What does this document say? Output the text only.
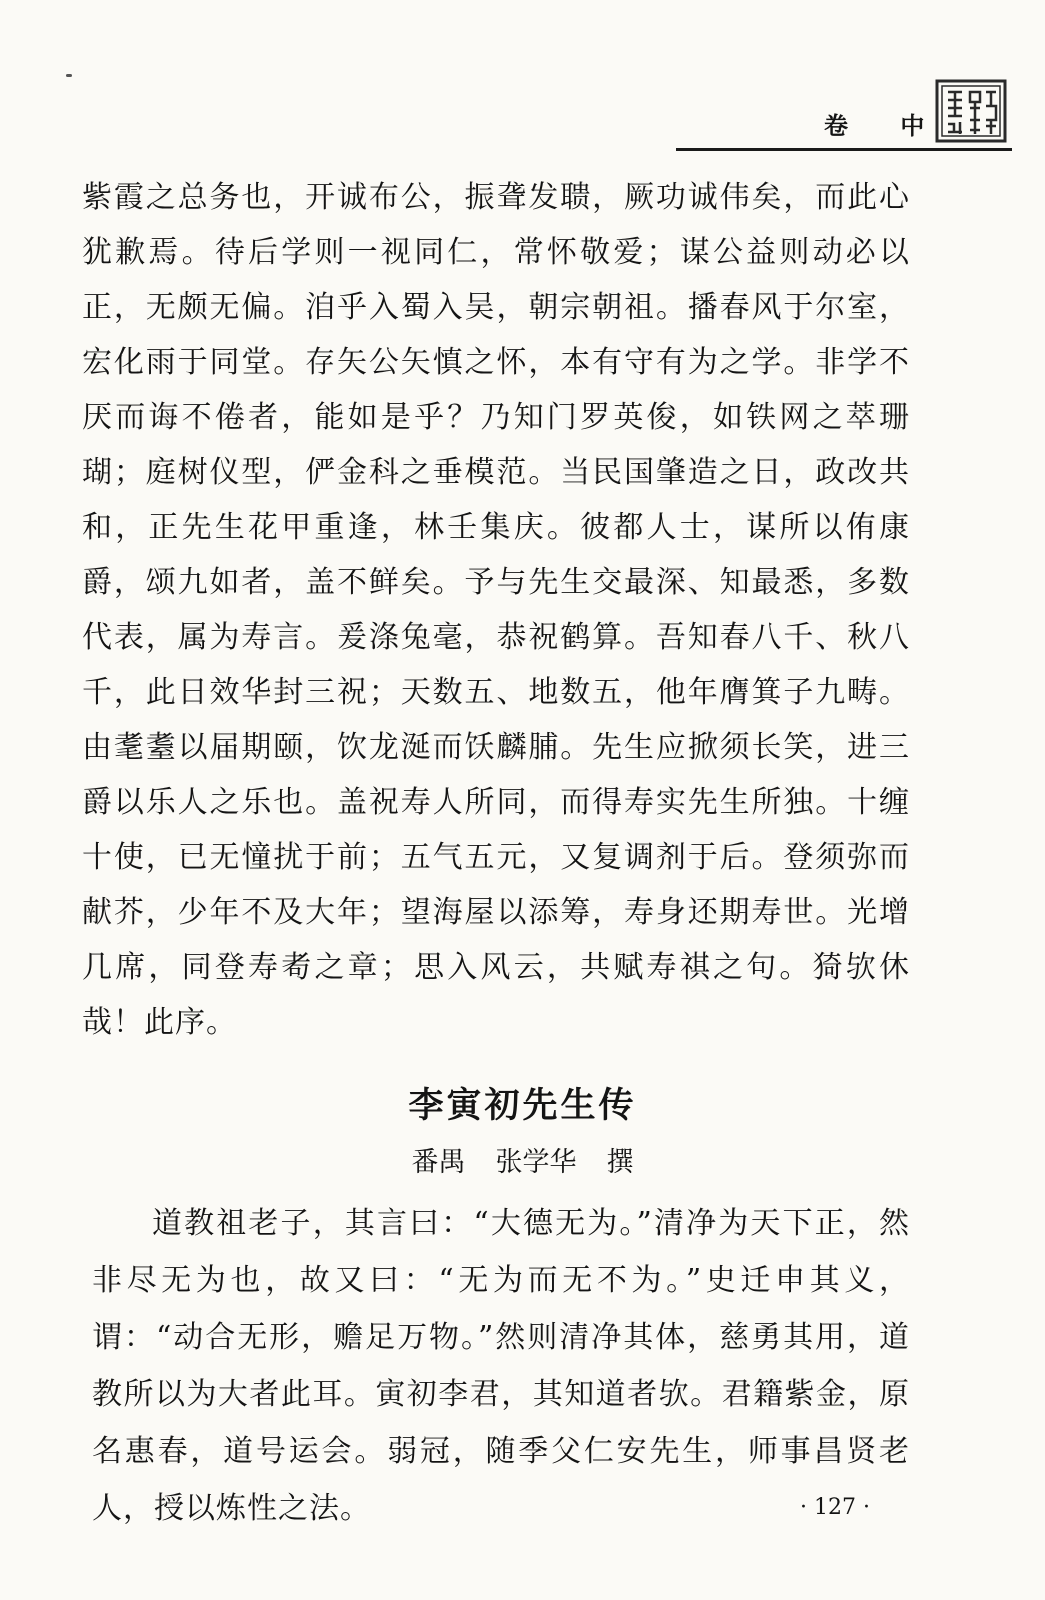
卷 中

紫霞之总务也，开诚布公，振聋发聩，厥功诚伟矣，而此心犹歉焉。待后学则一视同仁，常怀敬爱；谋公益则动必以正，无颇无偏。洎乎入蜀入吴，朝宗朝祖。播春风于尔室，宏化雨于同堂。存矢公矢慎之怀，本有守有为之学。非学不厌而诲不倦者，能如是乎？乃知门罗英俊，如铁网之萃珊瑚；庭树仪型，俨金科之垂模范。当民国肇造之日，政改共和，正先生花甲重逢，林壬集庆。彼都人士，谋所以侑康爵，颂九如者，盖不鲜矣。予与先生交最深、知最悉，多数代表，属为寿言。爰涤兔毫，恭祝鹤算。吾知春八千、秋八千，此日效华封三祝；天数五、地数五，他年膺箕子九畴。由耄耋以届期颐，饮龙涎而饫麟脯。先生应掀须长笑，进三爵以乐人之乐也。盖祝寿人所同，而得寿实先生所独。十缠十使，已无憧扰于前；五气五元，又复调剂于后。登须弥而献芥，少年不及大年；望海屋以添筹，寿身还期寿世。光增几席，同登寿耇之章；思入风云，共赋寿祺之句。猗欤休哉！此序。

李寅初先生传
番禺 张学华 撰

道教祖老子，其言曰：“大德无为。”清净为天下正，然非尽无为也，故又曰：“无为而无不为。”史迁申其义，谓：“动合无形，赡足万物。”然则清净其体，慈勇其用，道教所以为大者此耳。寅初李君，其知道者欤。君籍紫金，原名惠春，道号运会。弱冠，随季父仁安先生，师事昌贤老人，授以炼性之法。	· 127 ·
